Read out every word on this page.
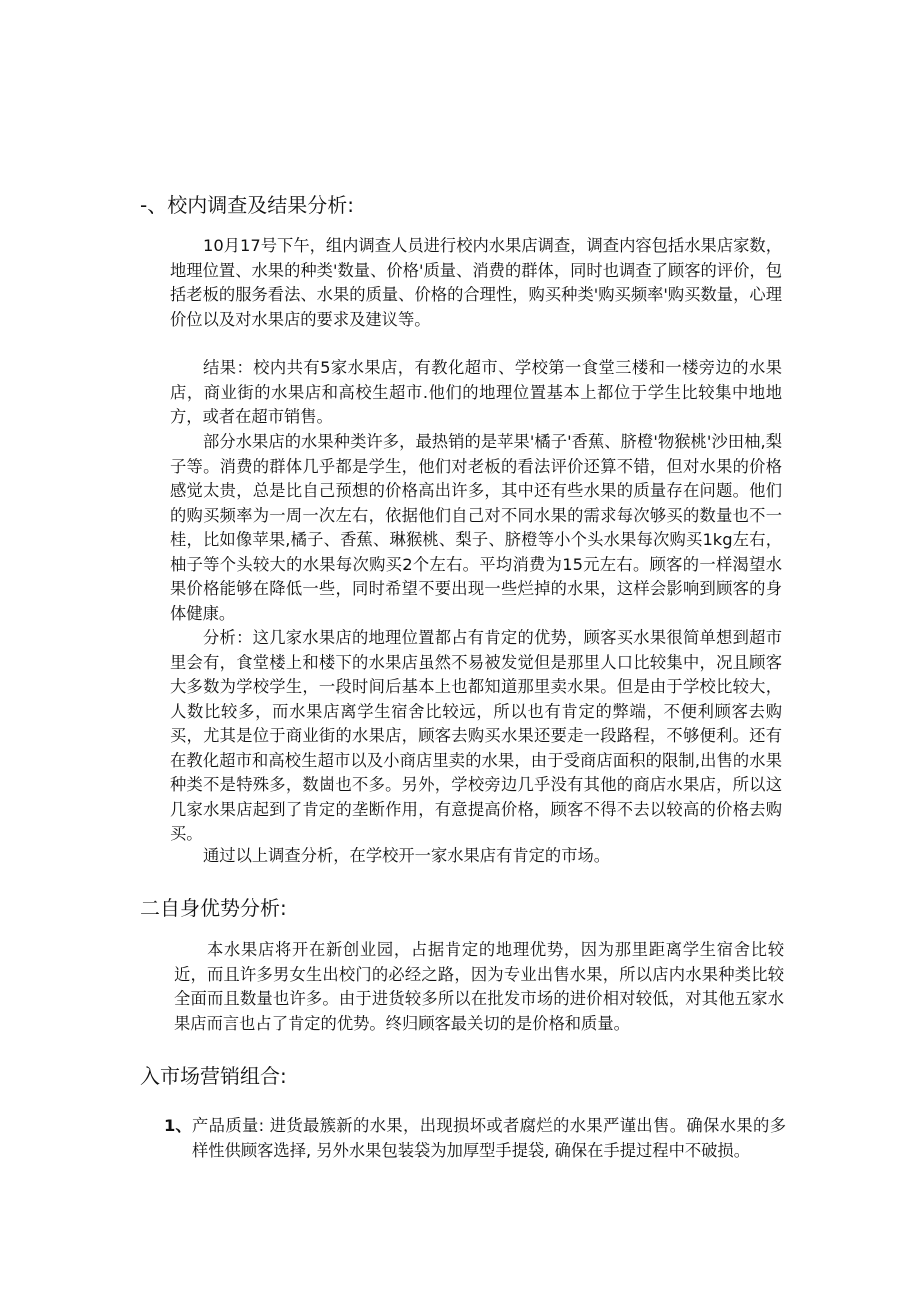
-、校内调查及结果分析:

10月17号下午，组内调查人员进行校内水果店调查，调查内容包括水果店家数，地理位置、水果的种类'数量、价格'质量、消费的群体，同时也调查了顾客的评价，包括老板的服务看法、水果的质量、价格的合理性，购买种类'购买频率'购买数量，心理价位以及对水果店的要求及建议等。

结果：校内共有5家水果店，有教化超市、学校第一食堂三楼和一楼旁边的水果店，商业街的水果店和高校生超市.他们的地理位置基本上都位于学生比较集中地地方，或者在超市销售。

部分水果店的水果种类许多，最热销的是苹果'橘子'香蕉、脐橙'物猴桃'沙田柚,梨子等。消费的群体几乎都是学生，他们对老板的看法评价还算不错，但对水果的价格感觉太贵，总是比自己预想的价格高出许多，其中还有些水果的质量存在问题。他们的购买频率为一周一次左右，依据他们自己对不同水果的需求每次够买的数量也不一桂，比如像苹果,橘子、香蕉、琳猴桃、梨子、脐橙等小个头水果每次购买1kg左右，柚子等个头较大的水果每次购买2个左右。平均消费为15元左右。顾客的一样渴望水果价格能够在降低一些，同时希望不要出现一些烂掉的水果，这样会影响到顾客的身体健康。

分析：这几家水果店的地理位置都占有肯定的优势，顾客买水果很简单想到超市里会有，食堂楼上和楼下的水果店虽然不易被发觉但是那里人口比较集中，况且顾客大多数为学校学生，一段时间后基本上也都知道那里卖水果。但是由于学校比较大，人数比较多，而水果店离学生宿舍比较远，所以也有肯定的弊端，不便利顾客去购买，尤其是位于商业街的水果店，顾客去购买水果还要走一段路程，不够便利。还有在教化超市和高校生超市以及小商店里卖的水果，由于受商店面积的限制,出售的水果种类不是特殊多，数崮也不多。另外，学校旁边几乎没有其他的商店水果店，所以这几家水果店起到了肯定的垄断作用，有意提高价格，顾客不得不去以较高的价格去购买。

通过以上调查分析，在学校开一家水果店有肯定的市场。

二自身优势分析:

本水果店将开在新创业园，占据肯定的地理优势，因为那里距离学生宿舍比较近，而且许多男女生出校门的必经之路，因为专业出售水果，所以店内水果种类比较全面而且数量也许多。由于进货较多所以在批发市场的进价相对较低，对其他五家水果店而言也占了肯定的优势。终归顾客最关切的是价格和质量。

入市场营销组合:
1、 产品质量: 进货最簇新的水果，出现损坏或者腐烂的水果严谨出售。确保水果的多样性供顾客选择, 另外水果包装袋为加厚型手提袋, 确保在手提过程中不破损。
